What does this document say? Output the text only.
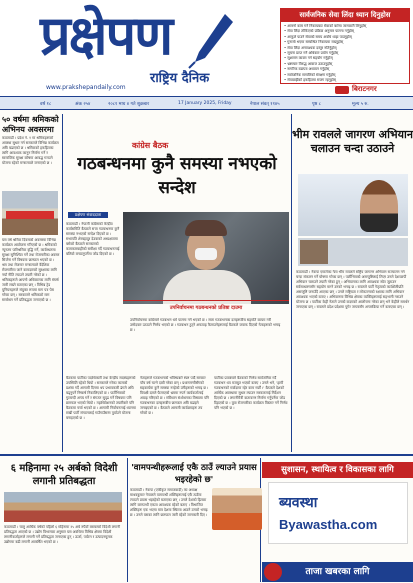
प्रक्षेपण
राष्ट्रिय दैनिक
www.prakshepandaily.com
सार्वजनिक सेवा लिंदा ध्यान दिनुहोस
• आफ्नो काम गर्ने निकायबाट सेवाको बारेमा जानकारी लिनुहोस्
• सेवा लिंदा तोकिएको प्रक्रिया अनुसार पालना गर्नुहोस्
• आफूले पाउने सेवाको समय अवधि थाहा पाउनुहोस्
• गुनासो भएमा सम्बन्धित निकायमा राख्नुहोस्
• सेवा लिंदा अनावश्यक दस्तुर नतिर्नुहोस्
• सूचना प्राप्त गर्ने अधिकार प्रयोग गर्नुहोस्
• सुशासन कायम गर्न सहयोग गर्नुहोस्
• भ्रष्टाचार विरुद्ध आवाज उठाउनुहोस्
• नागरिक बडापत्र अध्ययन गर्नुहोस्
• सार्वजनिक सम्पत्तिको संरक्षण गर्नुहोस्
• सेवाग्राहीको हकहितमा सजग रहनुहोस्
बिराटनगर
वर्ष १८	अंक २५४	२०८१ माघ ४ गते शुक्रबार	17 January 2025, Friday	नेपाल संवत् ११४५	पृष्ठ ८	मूल्य ५ रु.
५० वर्षमा श्रमिकको अभिनय अवसरमा
काठमाडौं । प्रदेश नं. १ मा श्रमिकहरूको अवस्था सुधार गर्न सरकारले विभिन्न कार्यक्रम अघि बढाएको छ । श्रमिकको हकहितका लागि आवश्यक कानुन निर्माण गर्ने र सामाजिक सुरक्षा कोषमा आबद्ध गराउने योजना रहेको मन्त्रालयले जनाएको छ ।
यस वर्ष श्रमिक दिवसको अवसरमा विभिन्न कार्यक्रम आयोजना गरिएको छ । श्रमिकको न्यूनतम पारिश्रमिक वृद्धि गर्ने, कार्यस्थलमा सुरक्षा सुनिश्चित गर्ने तथा रोजगारीका अवसर सिर्जना गर्ने विषयमा छलफल भएको छ । श्रम तथा रोजगार मन्त्रालयले वैदेशिक रोजगारीमा जाने कामदारको सुरक्षाका लागि नयाँ नीति ल्याउने तयारी गरेको छ । श्रमिकहरूले आफ्नो अधिकारका लागि संघर्ष जारी राख्ने बताएका छन् । विभिन्न ट्रेड युनियनहरूले संयुक्त रूपमा माग पत्र पेस गरेका छन् । सरकारले श्रमिकको माग सम्बोधन गर्ने प्रतिबद्धता जनाएको छ ।
कांग्रेस बैठक
गठबन्धनमा कुनै समस्या नभएको सन्देश
प्रक्षेपण संवाददाता
काठमाडौं । नेपाली कांग्रेसको केन्द्रीय कार्यसमिति बैठकले सत्ता गठबन्धनमा कुनै समस्या नभएको सन्देश दिएको छ । सभापति शेरबहादुर देउवाको अध्यक्षतामा बसेको बैठकले सरकारको कामकारबाहीको समीक्षा गर्दै गठबन्धनलाई बलियो बनाउनुपर्नेमा जोड दिएको छ ।
उपनिर्वाचनमा गठबन्धनको प्रतिष्ठा दाउमा
उपनिर्वाचनमा कांग्रेसले गठबन्धन धर्म पालना गर्ने भएको छ । सत्ता गठबन्धनका दलहरूबीच सहमति कायम गरी उम्मेदवार उठाउने निर्णय भएको छ । गठबन्धन टुट्ने अफवाह फैलाउनेहरूलाई बैठकले जवाफ दिएको नेताहरूको भनाइ छ ।
बैठकमा पार्टीका पदाधिकारी तथा केन्द्रीय सदस्यहरूको उपस्थिति रहेको थियो । सरकारले गरेका कामको प्रशंसा गर्दै आगामी दिनमा थप प्रभावकारी ढंगले अघि बढ्नुपर्ने निष्कर्ष निकालिएको छ । पार्टीभित्रको गुटबन्दी अन्त्य गर्ने र संगठन सुदृढ गर्ने विषयमा पनि छलफल भएको थियो । महाधिवेशनको तयारीबारे पनि बैठकमा चर्चा भएको छ । आगामी निर्वाचनलाई ध्यानमा राखी पार्टी संगठनलाई गाउँगाउँसम्म पुर्याउने योजना बनाइएको छ ।
नेताहरूले गठबन्धनको भविष्यबारे स्पष्ट पार्दै सरकार पाँच वर्ष चल्ने दाबी गरेका छन् । प्रधानमन्त्रीसँगको सहकार्यमा कुनै समस्या नरहेको उनीहरूको भनाइ छ । विपक्षी दलले फैलाएको भ्रममा नपर्न कार्यकर्तालाई आग्रह गरिएको छ । संविधान संशोधनका विषयमा पनि गठबन्धनका दलहरूबीच छलफल अघि बढाइने जनाइएको छ । बैठकले आगामी कार्यक्रमहरू तय गरेको छ ।
पार्टीका प्रवक्ताले बैठकको निर्णय सार्वजनिक गर्दै गठबन्धन थप मजबुत भएको बताए । उनले भने, 'हामी गठबन्धनको मर्यादामा रहेर काम गर्छौं ।' बैठकले देशको आर्थिक अवस्थामा सुधार ल्याउन सरकारलाई निर्देशन दिएको छ । लगानीमैत्री वातावरण निर्माण गर्नुपर्नेमा जोड दिइएको छ । युवा रोजगारीका कार्यक्रम विस्तार गर्ने निर्णय पनि भएको छ ।
भीम रावलले जागरण अभियान चलाउन चन्दा उठाउने
काठमाडौं । नेकपा एमालेका नेता भीम रावलले राष्ट्रिय जागरण अभियान सञ्चालन गर्न चन्दा संकलन गर्ने घोषणा गरेका छन् । पार्टीभित्रको असन्तुष्टिलाई लिएर उनले देशव्यापी अभियान चलाउने तयारी गरेका हुन् । अभियानका लागि आवश्यक स्रोत जुटाउन सर्वसाधारणसँग सहयोग माग्ने उनको भनाइ छ । रावलले पार्टी नेतृत्वको कार्यशैलीप्रति असन्तुष्टि जनाउँदै आएका छन् । उनले राष्ट्रियता र लोकतन्त्रको रक्षाका लागि अभियान आवश्यक भएको बताए । अभियानमा विभिन्न क्षेत्रका व्यक्तिहरूलाई सहभागी गराउने योजना छ । पार्टीका केही नेताले उनको कदमको आलोचना गरेका छन् भने केहीले समर्थन जनाएका छन् । रावलले प्रदेश प्रदेशमा पुगेर जनतासँग अन्तरक्रिया गर्ने बताएका छन् ।
६ महिनामा २५ अर्बको विदेशी लगानी प्रतिबद्धता
काठमाडौं । चालु आर्थिक वर्षको पहिलो ६ महिनामा २५ अर्ब रुपैयाँ बराबरको विदेशी लगानी प्रतिबद्धता आएको छ । उद्योग विभागका अनुसार यस अवधिमा विभिन्न क्षेत्रमा विदेशी लगानीकर्ताहरूले लगानी गर्ने प्रतिबद्धता जनाएका हुन् । ऊर्जा, पर्यटन र उत्पादनमूलक उद्योगमा बढी लगानी आकर्षित भएको छ ।
'वामपन्थीहरूलाई एकै ठाउँ ल्याउने प्रयास भइरहेको छ'
काठमाडौं । नेकपा (एकीकृत समाजवादी) का अध्यक्ष माधवकुमार नेपालले वामपन्थी शक्तिहरूलाई एकै ठाउँमा ल्याउने प्रयास भइरहेको बताएका छन् । उनले देशको हितका लागि वामपन्थी एकता आवश्यक रहेको बताए । विभाजित शक्तिहरू एक भएमा मात्र देशमा स्थिरता आउने उनको भनाइ छ । उनले यसका लागि छलफल जारी रहेको जानकारी दिए ।
सुशासन, स्थायित्व र विकासका लागि
ब्यवस्था
Byawastha.com
ताजा खबरका लागि
